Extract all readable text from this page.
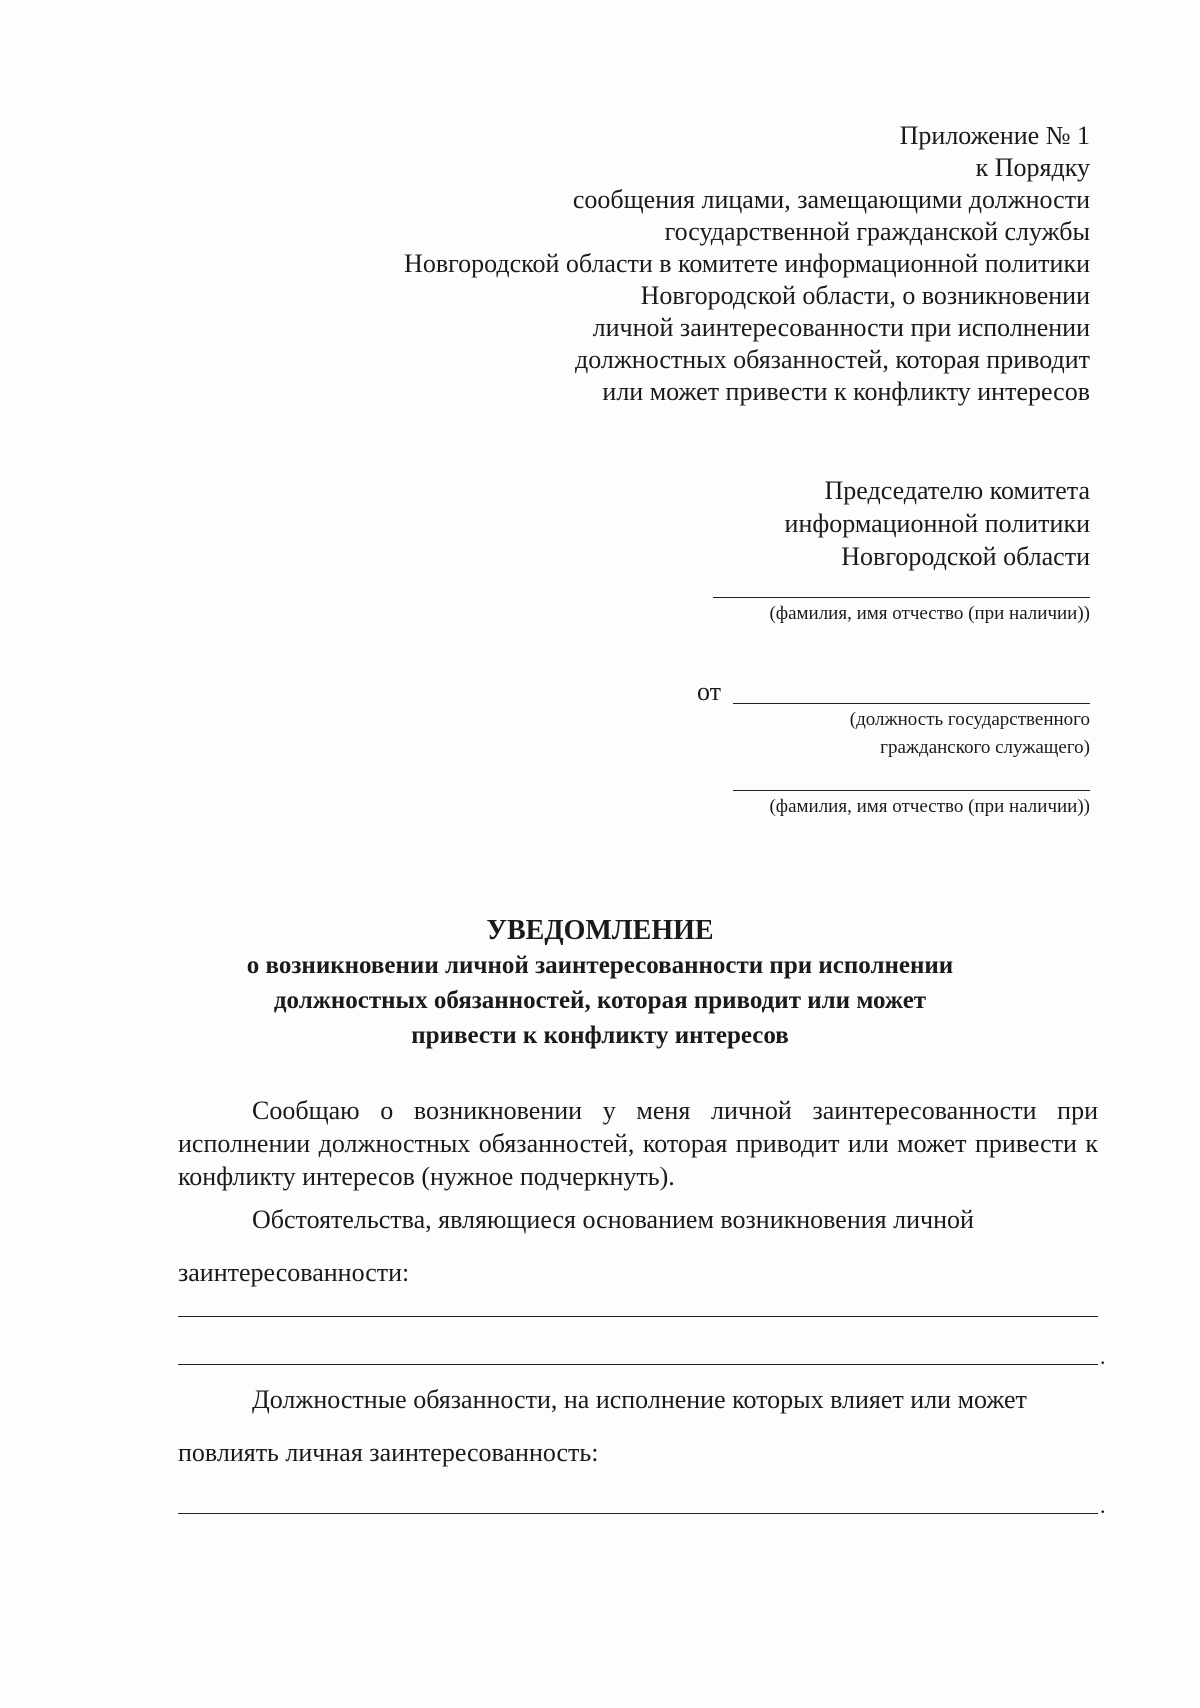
Приложение № 1
к Порядку
сообщения лицами, замещающими должности
государственной гражданской службы
Новгородской области в комитете информационной политики
Новгородской области, о возникновении
личной заинтересованности при исполнении
должностных обязанностей, которая приводит
или может привести к конфликту интересов
Председателю комитета
информационной политики
Новгородской области
(фамилия, имя отчество (при наличии))
от
(должность государственного
гражданского служащего)
(фамилия, имя отчество (при наличии))
УВЕДОМЛЕНИЕ
о возникновении личной заинтересованности при исполнении
должностных обязанностей, которая приводит или может
привести к конфликту интересов
Сообщаю о возникновении у меня личной заинтересованности при исполнении должностных обязанностей, которая приводит или может привести к конфликту интересов (нужное подчеркнуть).
Обстоятельства, являющиеся основанием возникновения личной
заинтересованности:
.
Должностные обязанности, на исполнение которых влияет или может
повлиять личная заинтересованность:
.
